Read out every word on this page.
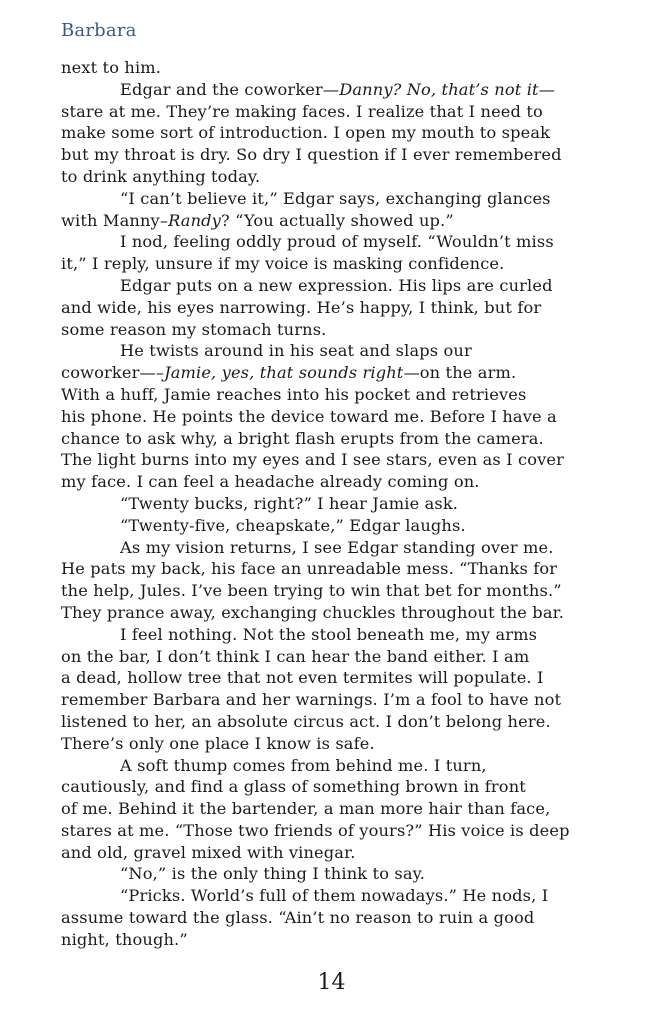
Barbara
next to him.
Edgar and the coworker—Danny? No, that’s not it—
stare at me. They’re making faces. I realize that I need to
make some sort of introduction. I open my mouth to speak
but my throat is dry. So dry I question if I ever remembered
to drink anything today.
“I can’t believe it,” Edgar says, exchanging glances
with Manny–Randy? “You actually showed up.”
I nod, feeling oddly proud of myself. “Wouldn’t miss
it,” I reply, unsure if my voice is masking confidence.
Edgar puts on a new expression. His lips are curled
and wide, his eyes narrowing. He’s happy, I think, but for
some reason my stomach turns.
He twists around in his seat and slaps our
coworker—–Jamie, yes, that sounds right—on the arm.
With a huff, Jamie reaches into his pocket and retrieves
his phone. He points the device toward me. Before I have a
chance to ask why, a bright flash erupts from the camera.
The light burns into my eyes and I see stars, even as I cover
my face. I can feel a headache already coming on.
“Twenty bucks, right?” I hear Jamie ask.
“Twenty-five, cheapskate,” Edgar laughs.
As my vision returns, I see Edgar standing over me.
He pats my back, his face an unreadable mess. “Thanks for
the help, Jules. I’ve been trying to win that bet for months.”
They prance away, exchanging chuckles throughout the bar.
I feel nothing. Not the stool beneath me, my arms
on the bar, I don’t think I can hear the band either. I am
a dead, hollow tree that not even termites will populate. I
remember Barbara and her warnings. I’m a fool to have not
listened to her, an absolute circus act. I don’t belong here.
There’s only one place I know is safe.
A soft thump comes from behind me. I turn,
cautiously, and find a glass of something brown in front
of me. Behind it the bartender, a man more hair than face,
stares at me. “Those two friends of yours?” His voice is deep
and old, gravel mixed with vinegar.
“No,” is the only thing I think to say.
“Pricks. World’s full of them nowadays.” He nods, I
assume toward the glass. “Ain’t no reason to ruin a good
night, though.”
14
